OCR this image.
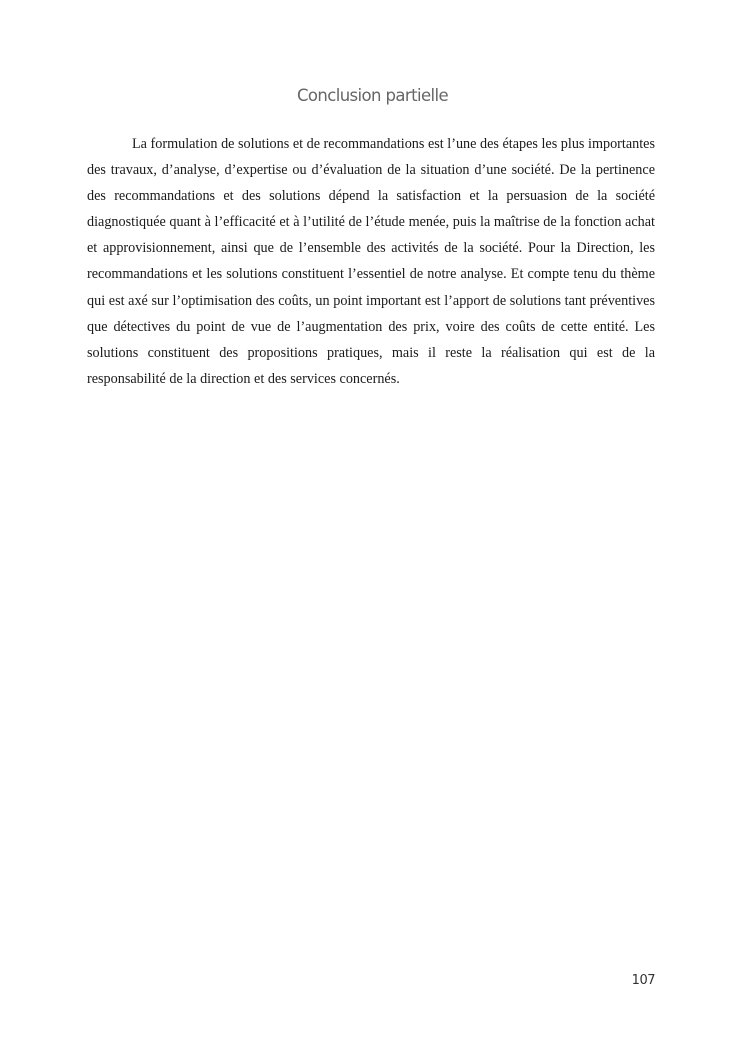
Conclusion partielle

La formulation de solutions et de recommandations est l’une des étapes les plus importantes des travaux, d’analyse, d’expertise ou d’évaluation de la situation d’une société. De la pertinence des recommandations et des solutions dépend la satisfaction et la persuasion de la société diagnostiquée quant à l’efficacité et à l’utilité de l’étude menée, puis la maîtrise de la fonction achat et approvisionnement, ainsi que de l’ensemble des activités de la société. Pour la Direction, les recommandations et les solutions constituent l’essentiel de notre analyse. Et compte tenu du thème qui est axé sur l’optimisation des coûts, un point important est l’apport de solutions tant préventives que détectives du point de vue de l’augmentation des prix, voire des coûts de cette entité. Les solutions constituent des propositions pratiques, mais il reste la réalisation qui est de la responsabilité de la direction et des services concernés.

107
